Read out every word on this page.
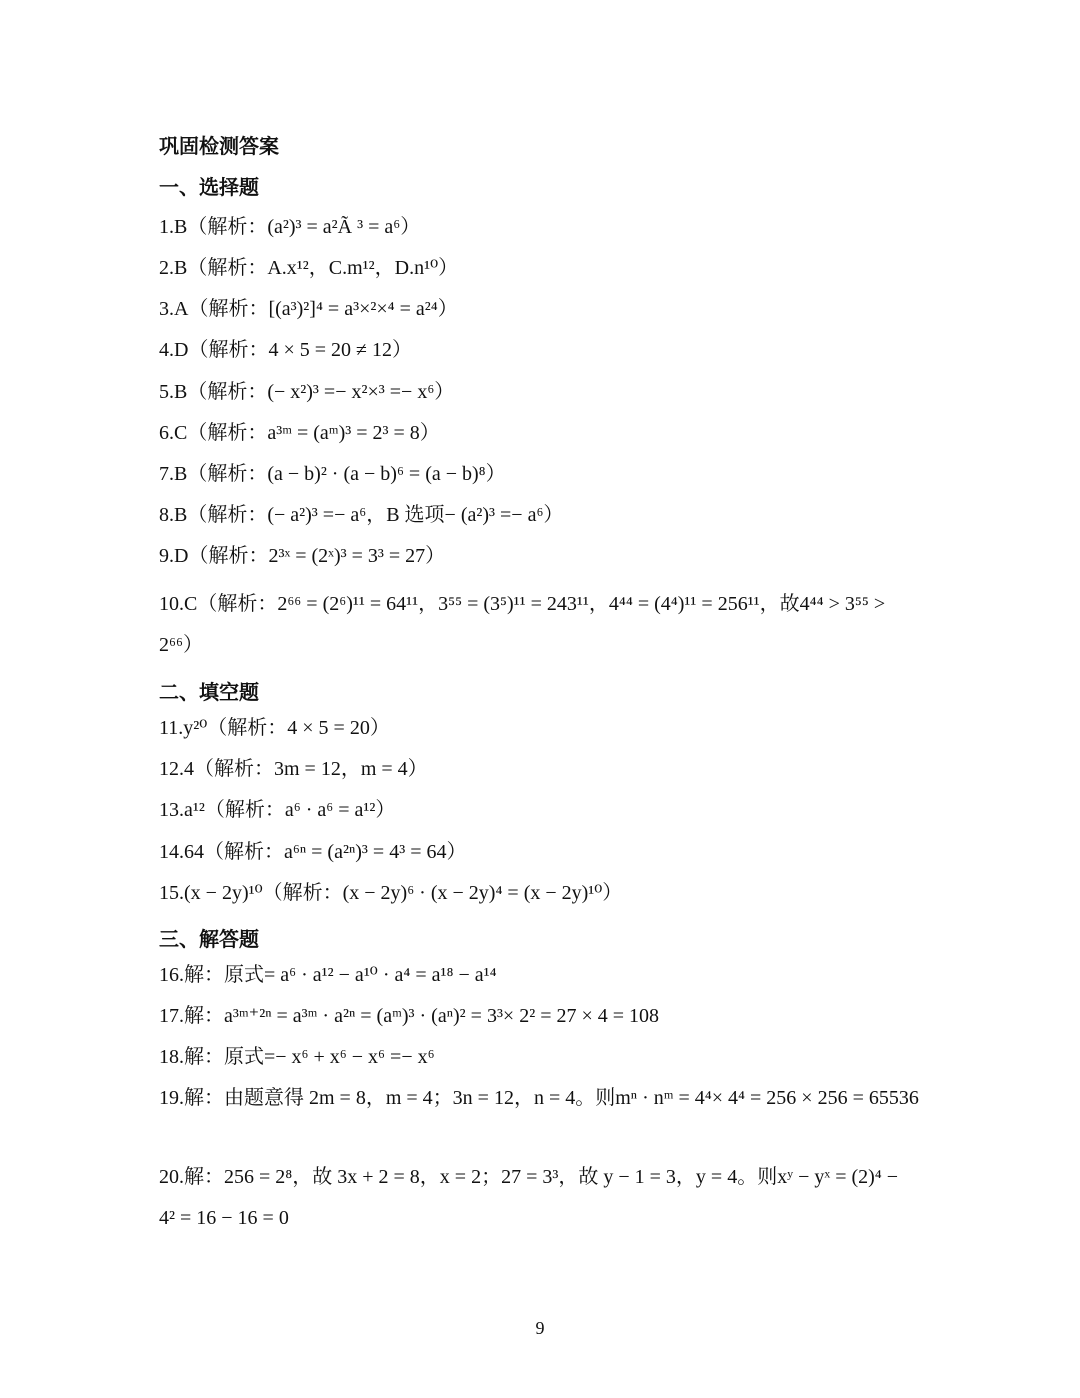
巩固检测答案
一、选择题
1.B（解析：(a²)³ = a²Ã ³ = a⁶）
2.B（解析：A.x¹²，C.m¹²，D.n¹⁰）
3.A（解析：[(a³)²]⁴ = a³×²×⁴ = a²⁴）
4.D（解析：4 × 5 = 20 ≠ 12）
5.B（解析：(− x²)³ =− x²×³ =− x⁶）
6.C（解析：a³ᵐ = (aᵐ)³ = 2³ = 8）
7.B（解析：(a − b)² · (a − b)⁶ = (a − b)⁸）
8.B（解析：(− a²)³ =− a⁶，B 选项− (a²)³ =− a⁶）
9.D（解析：2³ˣ = (2ˣ)³ = 3³ = 27）
10.C（解析：2⁶⁶ = (2⁶)¹¹ = 64¹¹，3⁵⁵ = (3⁵)¹¹ = 243¹¹，4⁴⁴ = (4⁴)¹¹ = 256¹¹，故4⁴⁴ > 3⁵⁵ > 2⁶⁶）
二、填空题
11.y²⁰（解析：4 × 5 = 20）
12.4（解析：3m = 12，m = 4）
13.a¹²（解析：a⁶ · a⁶ = a¹²）
14.64（解析：a⁶ⁿ = (a²ⁿ)³ = 4³ = 64）
15.(x − 2y)¹⁰（解析：(x − 2y)⁶ · (x − 2y)⁴ = (x − 2y)¹⁰）
三、解答题
16.解：原式= a⁶ · a¹² − a¹⁰ · a⁴ = a¹⁸ − a¹⁴
17.解：a³ᵐ⁺²ⁿ = a³ᵐ · a²ⁿ = (aᵐ)³ · (aⁿ)² = 3³× 2² = 27 × 4 = 108
18.解：原式=− x⁶ + x⁶ − x⁶ =− x⁶
19.解：由题意得 2m = 8，m = 4；3n = 12，n = 4。则mⁿ · nᵐ = 4⁴× 4⁴ = 256 × 256 = 65536
20.解：256 = 2⁸，故 3x + 2 = 8，x = 2；27 = 3³，故 y − 1 = 3，y = 4。则xʸ − yˣ = (2)⁴ − 4² = 16 − 16 = 0
9
